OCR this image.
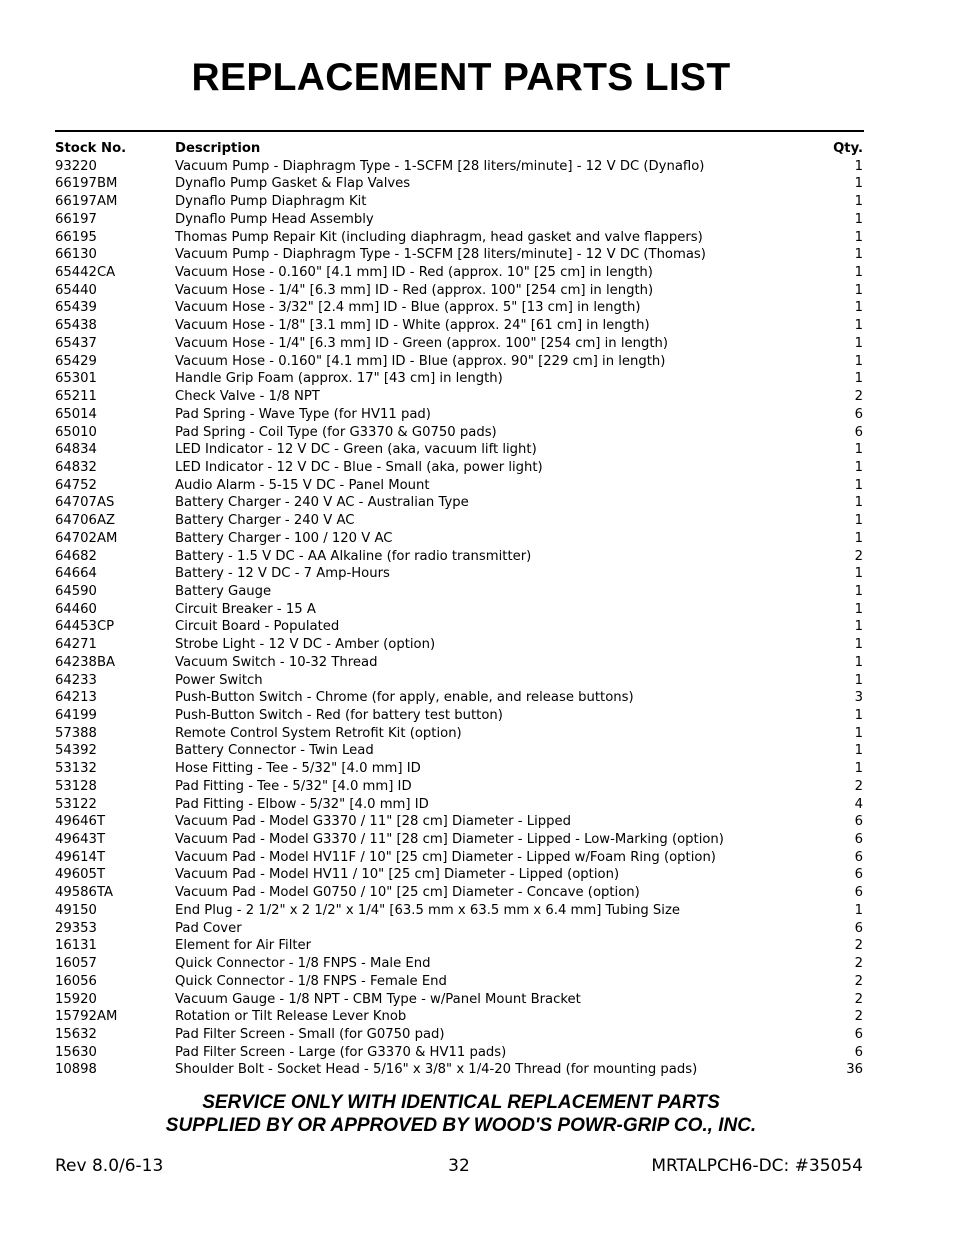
REPLACEMENT PARTS LIST
Stock No.	Description	Qty.
93220	Vacuum Pump - Diaphragm Type - 1-SCFM [28 liters/minute] - 12 V DC (Dynaflo)	1
66197BM	Dynaflo Pump Gasket & Flap Valves	1
66197AM	Dynaflo Pump Diaphragm Kit	1
66197	Dynaflo Pump Head Assembly	1
66195	Thomas Pump Repair Kit (including diaphragm, head gasket and valve flappers)	1
66130	Vacuum Pump - Diaphragm Type - 1-SCFM [28 liters/minute] - 12 V DC (Thomas)	1
65442CA	Vacuum Hose - 0.160" [4.1 mm] ID - Red (approx. 10" [25 cm] in length)	1
65440	Vacuum Hose - 1/4" [6.3 mm] ID - Red (approx. 100" [254 cm] in length)	1
65439	Vacuum Hose - 3/32" [2.4 mm] ID - Blue (approx. 5" [13 cm] in length)	1
65438	Vacuum Hose - 1/8" [3.1 mm] ID - White (approx. 24" [61 cm] in length)	1
65437	Vacuum Hose - 1/4" [6.3 mm] ID - Green (approx. 100" [254 cm] in length)	1
65429	Vacuum Hose - 0.160" [4.1 mm] ID - Blue (approx. 90" [229 cm] in length)	1
65301	Handle Grip Foam (approx. 17" [43 cm] in length)	1
65211	Check Valve - 1/8 NPT	2
65014	Pad Spring - Wave Type (for HV11 pad)	6
65010	Pad Spring - Coil Type (for G3370 & G0750 pads)	6
64834	LED Indicator - 12 V DC - Green (aka, vacuum lift light)	1
64832	LED Indicator - 12 V DC - Blue - Small (aka, power light)	1
64752	Audio Alarm - 5-15 V DC - Panel Mount	1
64707AS	Battery Charger - 240 V AC - Australian Type	1
64706AZ	Battery Charger - 240 V AC	1
64702AM	Battery Charger - 100 / 120 V AC	1
64682	Battery - 1.5 V DC - AA Alkaline (for radio transmitter)	2
64664	Battery - 12 V DC - 7 Amp-Hours	1
64590	Battery Gauge	1
64460	Circuit Breaker - 15 A	1
64453CP	Circuit Board - Populated	1
64271	Strobe Light - 12 V DC - Amber (option)	1
64238BA	Vacuum Switch - 10-32 Thread	1
64233	Power Switch	1
64213	Push-Button Switch - Chrome (for apply, enable, and release buttons)	3
64199	Push-Button Switch - Red (for battery test button)	1
57388	Remote Control System Retrofit Kit (option)	1
54392	Battery Connector - Twin Lead	1
53132	Hose Fitting - Tee - 5/32" [4.0 mm] ID	1
53128	Pad Fitting - Tee - 5/32" [4.0 mm] ID	2
53122	Pad Fitting - Elbow - 5/32" [4.0 mm] ID	4
49646T	Vacuum Pad - Model G3370 / 11" [28 cm] Diameter - Lipped	6
49643T	Vacuum Pad - Model G3370 / 11" [28 cm] Diameter - Lipped - Low-Marking (option)	6
49614T	Vacuum Pad - Model HV11F / 10" [25 cm] Diameter - Lipped w/Foam Ring (option)	6
49605T	Vacuum Pad - Model HV11 / 10" [25 cm] Diameter - Lipped (option)	6
49586TA	Vacuum Pad - Model G0750 / 10" [25 cm] Diameter - Concave (option)	6
49150	End Plug - 2 1/2" x 2 1/2" x 1/4" [63.5 mm x 63.5 mm x 6.4 mm] Tubing Size	1
29353	Pad Cover	6
16131	Element for Air Filter	2
16057	Quick Connector - 1/8 FNPS - Male End	2
16056	Quick Connector - 1/8 FNPS - Female End	2
15920	Vacuum Gauge - 1/8 NPT - CBM Type - w/Panel Mount Bracket	2
15792AM	Rotation or Tilt Release Lever Knob	2
15632	Pad Filter Screen - Small (for G0750 pad)	6
15630	Pad Filter Screen - Large (for G3370 & HV11 pads)	6
10898	Shoulder Bolt - Socket Head - 5/16" x 3/8" x 1/4-20 Thread (for mounting pads)	36
SERVICE ONLY WITH IDENTICAL REPLACEMENT PARTS
SUPPLIED BY OR APPROVED BY WOOD'S POWR-GRIP CO., INC.
Rev 8.0/6-13	32	MRTALPCH6-DC: #35054
